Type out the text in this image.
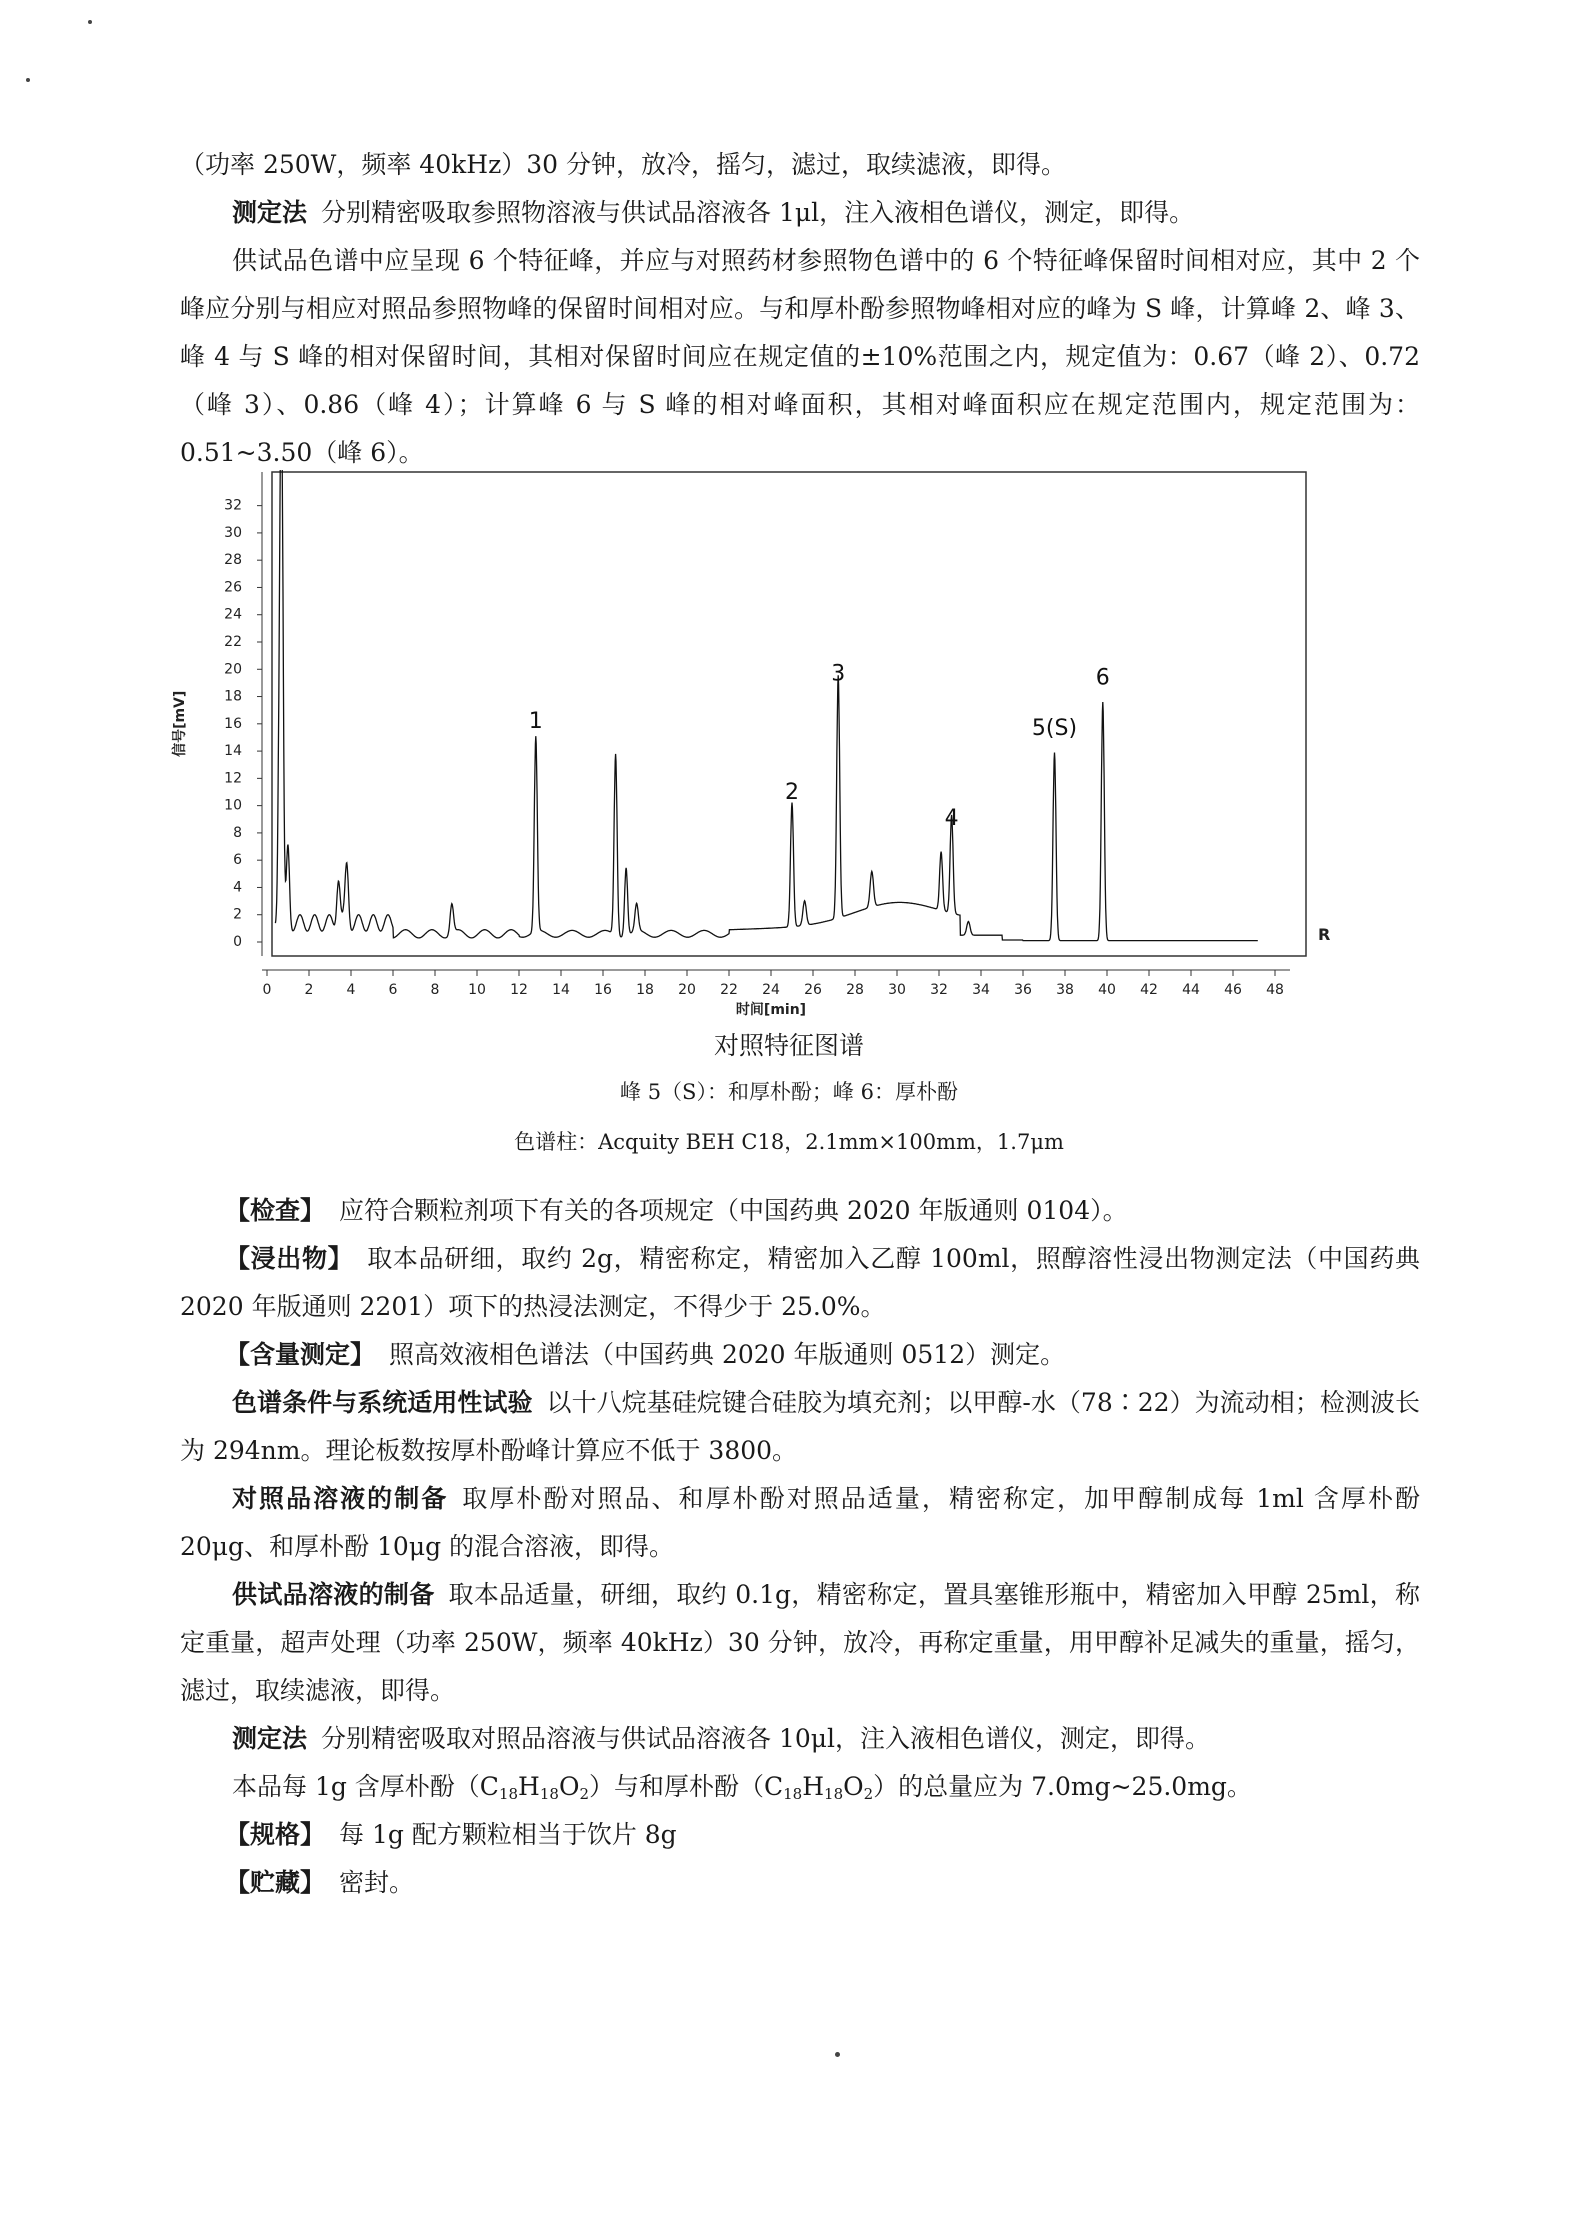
（功率 250W，频率 40kHz）30 分钟，放冷，摇匀，滤过，取续滤液，即得。

测定法 分别精密吸取参照物溶液与供试品溶液各 1μl，注入液相色谱仪，测定，即得。

供试品色谱中应呈现 6 个特征峰，并应与对照药材参照物色谱中的 6 个特征峰保留时间相对应，其中 2 个峰应分别与相应对照品参照物峰的保留时间相对应。与和厚朴酚参照物峰相对应的峰为 S 峰，计算峰 2、峰 3、峰 4 与 S 峰的相对保留时间，其相对保留时间应在规定值的±10%范围之内，规定值为：0.67（峰 2）、0.72（峰 3）、0.86（峰 4）；计算峰 6 与 S 峰的相对峰面积，其相对峰面积应在规定范围内，规定范围为：0.51~3.50（峰 6）。

0
2
4
6
8
10
12
14
16
18
20
22
24
26
28
30
32
0 2 4 6 8 10 12 14 16 18 20 22 24 26 28 30 32 34 36 38 40 42 44 46 48
时间[min]
信号[mV]	1
2
3
4
5(S)
6
R
对照特征图谱
峰 5（S）：和厚朴酚；峰 6：厚朴酚
色谱柱：Acquity BEH C18，2.1mm×100mm，1.7μm

【检查】 应符合颗粒剂项下有关的各项规定（中国药典 2020 年版通则 0104）。

【浸出物】 取本品研细，取约 2g，精密称定，精密加入乙醇 100ml，照醇溶性浸出物测定法（中国药典 2020 年版通则 2201）项下的热浸法测定，不得少于 25.0%。

【含量测定】 照高效液相色谱法（中国药典 2020 年版通则 0512）测定。

色谱条件与系统适用性试验 以十八烷基硅烷键合硅胶为填充剂；以甲醇-水（78∶22）为流动相；检测波长为 294nm。理论板数按厚朴酚峰计算应不低于 3800。

对照品溶液的制备 取厚朴酚对照品、和厚朴酚对照品适量，精密称定，加甲醇制成每 1ml 含厚朴酚 20μg、和厚朴酚 10μg 的混合溶液，即得。

供试品溶液的制备 取本品适量，研细，取约 0.1g，精密称定，置具塞锥形瓶中，精密加入甲醇 25ml，称定重量，超声处理（功率 250W，频率 40kHz）30 分钟，放冷，再称定重量，用甲醇补足减失的重量，摇匀，滤过，取续滤液，即得。

测定法 分别精密吸取对照品溶液与供试品溶液各 10μl，注入液相色谱仪，测定，即得。

本品每 1g 含厚朴酚$(C_{18}H_{18}O_2)$与和厚朴酚$(C_{18}H_{18}O_2)$的总量应为 7.0mg~25.0mg。

【规格】 每 1g 配方颗粒相当于饮片 8g

【贮藏】 密封。
